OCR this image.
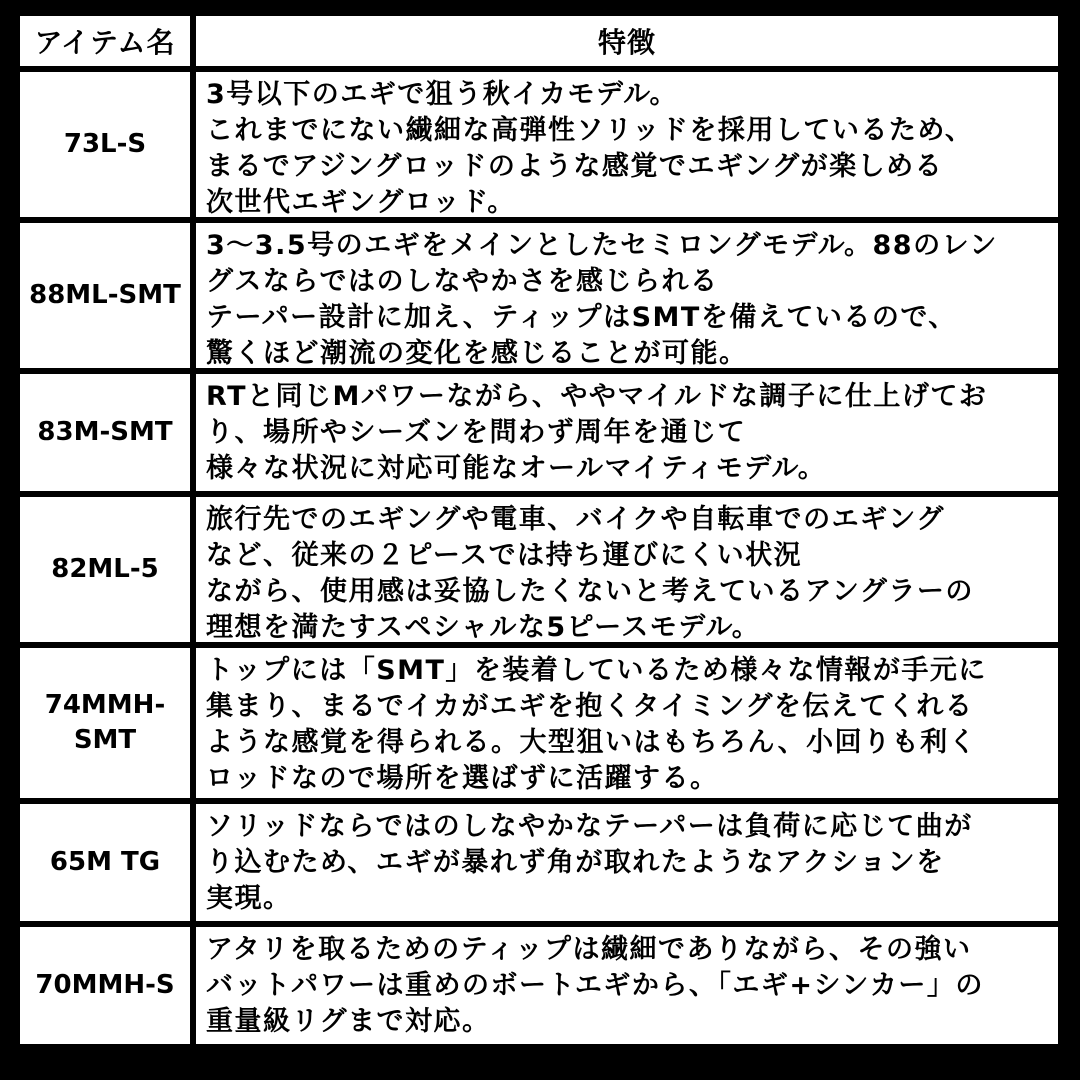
アイテム名	特徴
73L-S
3号以下のエギで狙う秋イカモデル。
これまでにない繊細な高弾性ソリッドを採用しているため、
まるでアジングロッドのような感覚でエギングが楽しめる
次世代エギングロッド。
88ML-SMT
3〜3.5号のエギをメインとしたセミロングモデル。88のレン
グスならではのしなやかさを感じられる
テーパー設計に加え、ティップはSMTを備えているので、
驚くほど潮流の変化を感じることが可能。
83M-SMT
RTと同じMパワーながら、ややマイルドな調子に仕上げてお
り、場所やシーズンを問わず周年を通じて
様々な状況に対応可能なオールマイティモデル。
82ML-5
旅行先でのエギングや電車、バイクや自転車でのエギング
など、従来の２ピースでは持ち運びにくい状況
ながら、使用感は妥協したくないと考えているアングラーの
理想を満たすスペシャルな5ピースモデル。
74MMH-
SMT
トップには「SMT」を装着しているため様々な情報が手元に
集まり、まるでイカがエギを抱くタイミングを伝えてくれる
ような感覚を得られる。大型狙いはもちろん、小回りも利く
ロッドなので場所を選ばずに活躍する。
65M TG
ソリッドならではのしなやかなテーパーは負荷に応じて曲が
り込むため、エギが暴れず角が取れたようなアクションを
実現。
70MMH-S
アタリを取るためのティップは繊細でありながら、その強い
バットパワーは重めのボートエギから、「エギ+シンカー」の
重量級リグまで対応。
